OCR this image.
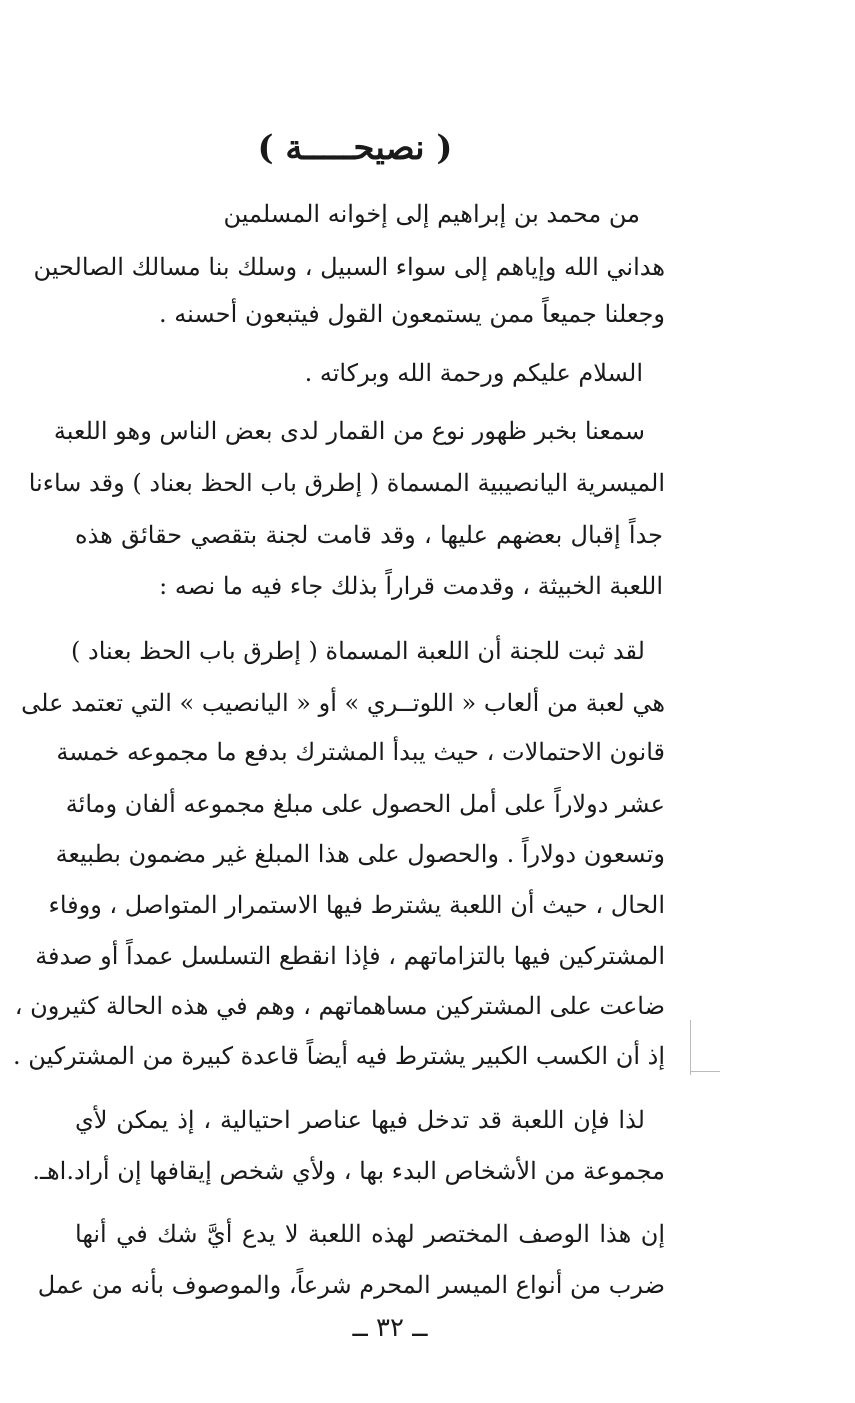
( نصيحـــــة )
من محمد بن إبراهيم إلى إخوانه المسلمين
هداني الله وإياهم إلى سواء السبيل ، وسلك بنا مسالك الصالحين
وجعلنا جميعاً ممن يستمعون القول فيتبعون أحسنه .
السلام عليكم ورحمة الله وبركاته .
سمعنا بخبر ظهور نوع من القمار لدى بعض الناس وهو اللعبة
الميسرية اليانصيبية المسماة ( إطرق باب الحظ بعناد ) وقد ساءنا
جداً إقبال بعضهم عليها ، وقد قامت لجنة بتقصي حقائق هذه
اللعبة الخبيثة ، وقدمت قراراً بذلك جاء فيه ما نصه :
لقد ثبت للجنة أن اللعبة المسماة ( إطرق باب الحظ بعناد )
هي لعبة من ألعاب « اللوتــري » أو « اليانصيب » التي تعتمد على
قانون الاحتمالات ، حيث يبدأ المشترك بدفع ما مجموعه خمسة
عشر دولاراً على أمل الحصول على مبلغ مجموعه ألفان ومائة
وتسعون دولاراً . والحصول على هذا المبلغ غير مضمون بطبيعة
الحال ، حيث أن اللعبة يشترط فيها الاستمرار المتواصل ، ووفاء
المشتركين فيها بالتزاماتهم ، فإذا انقطع التسلسل عمداً أو صدفة
ضاعت على المشتركين مساهماتهم ، وهم في هذه الحالة كثيرون ،
إذ أن الكسب الكبير يشترط فيه أيضاً قاعدة كبيرة من المشتركين .
لذا فإن اللعبة قد تدخل فيها عناصر احتيالية ، إذ يمكن لأي
مجموعة من الأشخاص البدء بها ، ولأي شخص إيقافها إن أراد.اهـ.
إن هذا الوصف المختصر لهذه اللعبة لا يدع أيَّ شك في أنها
ضرب من أنواع الميسر المحرم شرعاً، والموصوف بأنه من عمل
ــ ٣٢ ــ
